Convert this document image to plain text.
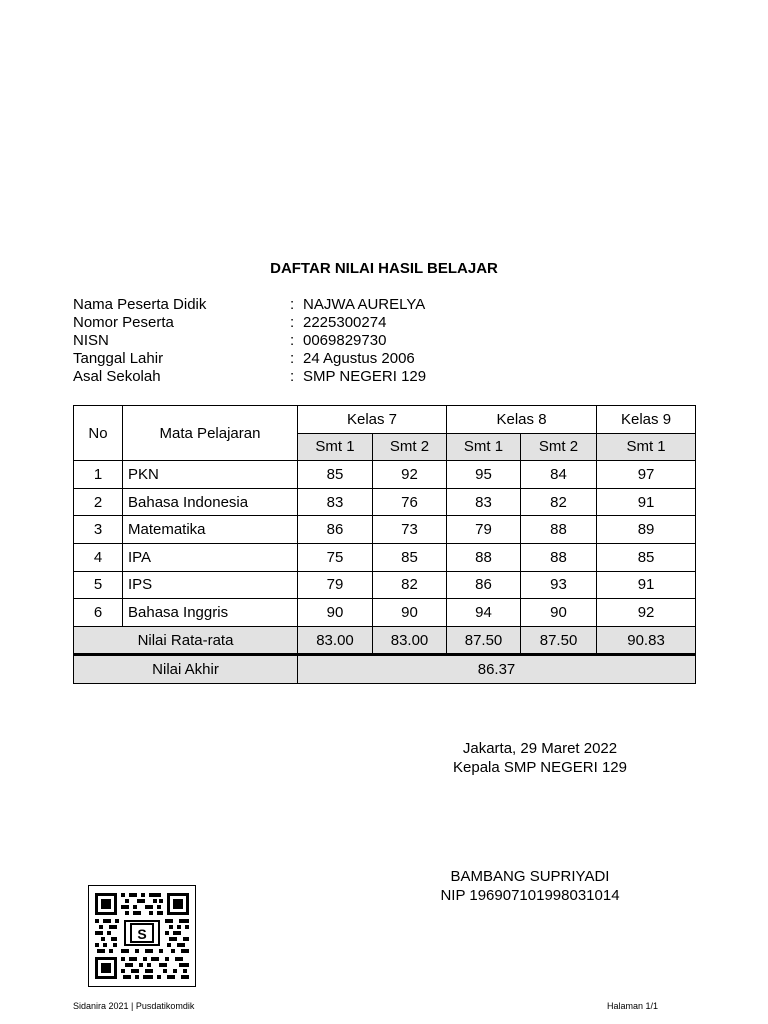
DAFTAR NILAI HASIL BELAJAR
Nama Peserta Didik	: NAJWA AURELYA
Nomor Peserta	: 2225300274
NISN	: 0069829730
Tanggal Lahir	: 24 Agustus 2006
Asal Sekolah	: SMP NEGERI 129
No	Mata Pelajaran	Kelas 7		Kelas 8		Kelas 9
		Smt 1	Smt 2	Smt 1	Smt 2	Smt 1
1	PKN	85	92	95	84	97
2	Bahasa Indonesia	83	76	83	82	91
3	Matematika	86	73	79	88	89
4	IPA	75	85	88	88	85
5	IPS	79	82	86	93	91
6	Bahasa Inggris	90	90	94	90	92
Nilai Rata-rata		83.00	83.00	87.50	87.50	90.83
Nilai Akhir		86.37				
Jakarta, 29 Maret 2022
Kepala SMP NEGERI 129
BAMBANG SUPRIYADI
NIP 196907101998031014
S
Sidanira 2021 | Pusdatikomdik	Halaman 1/1
